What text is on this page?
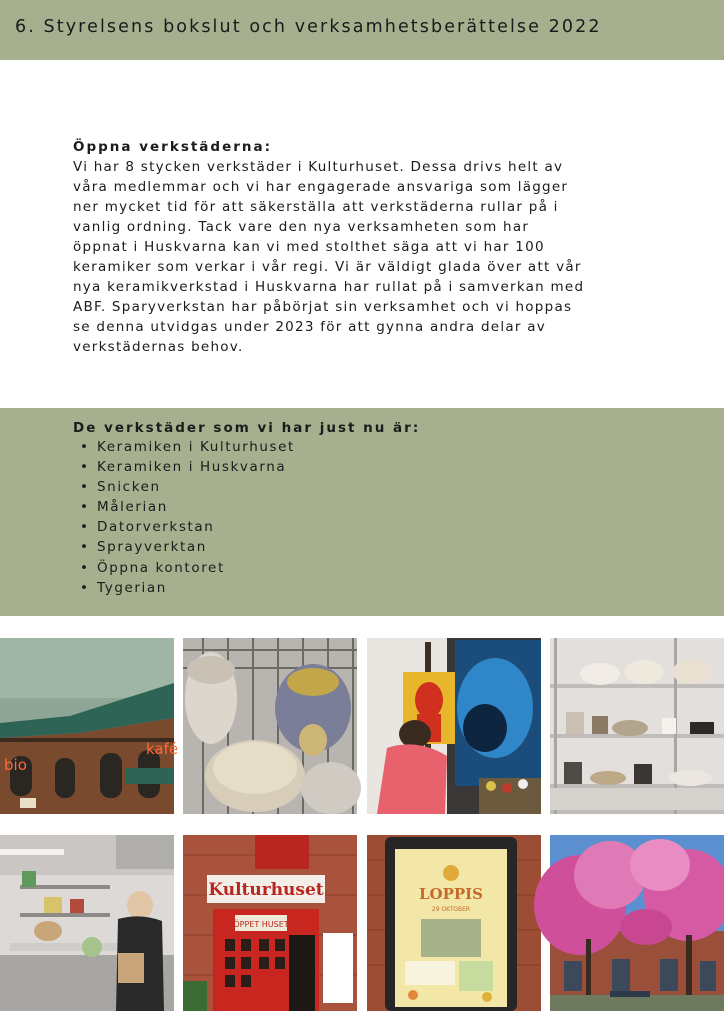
6. Styrelsens bokslut och verksamhetsberättelse 2022

Öppna verkstäderna:

Vi har 8 stycken verkstäder i Kulturhuset. Dessa drivs helt av
våra medlemmar och vi har engagerade ansvariga som lägger
ner mycket tid för att säkerställa att verkstäderna rullar på i
vanlig ordning. Tack vare den nya verksamheten som har
öppnat i Huskvarna kan vi med stolthet säga att vi har 100
keramiker som verkar i vår regi. Vi är väldigt glada över att vår
nya keramikverkstad i Huskvarna har rullat på i samverkan med
ABF. Sparyverkstan har påbörjat sin verksamhet och vi hoppas
se denna utvidgas under 2023 för att gynna andra delar av
verkstädernas behov.

De verkstäder som vi har just nu är:

• Keramiken i Kulturhuset
• Keramiken i Huskvarna
• Snicken
• Målerian
• Datorverkstan
• Sprayverktan
• Öppna kontoret
• Tygerian
bio
kafé
Kulturhuset
ÖPPET HUSET
LOPPIS
29 OKTOBER
